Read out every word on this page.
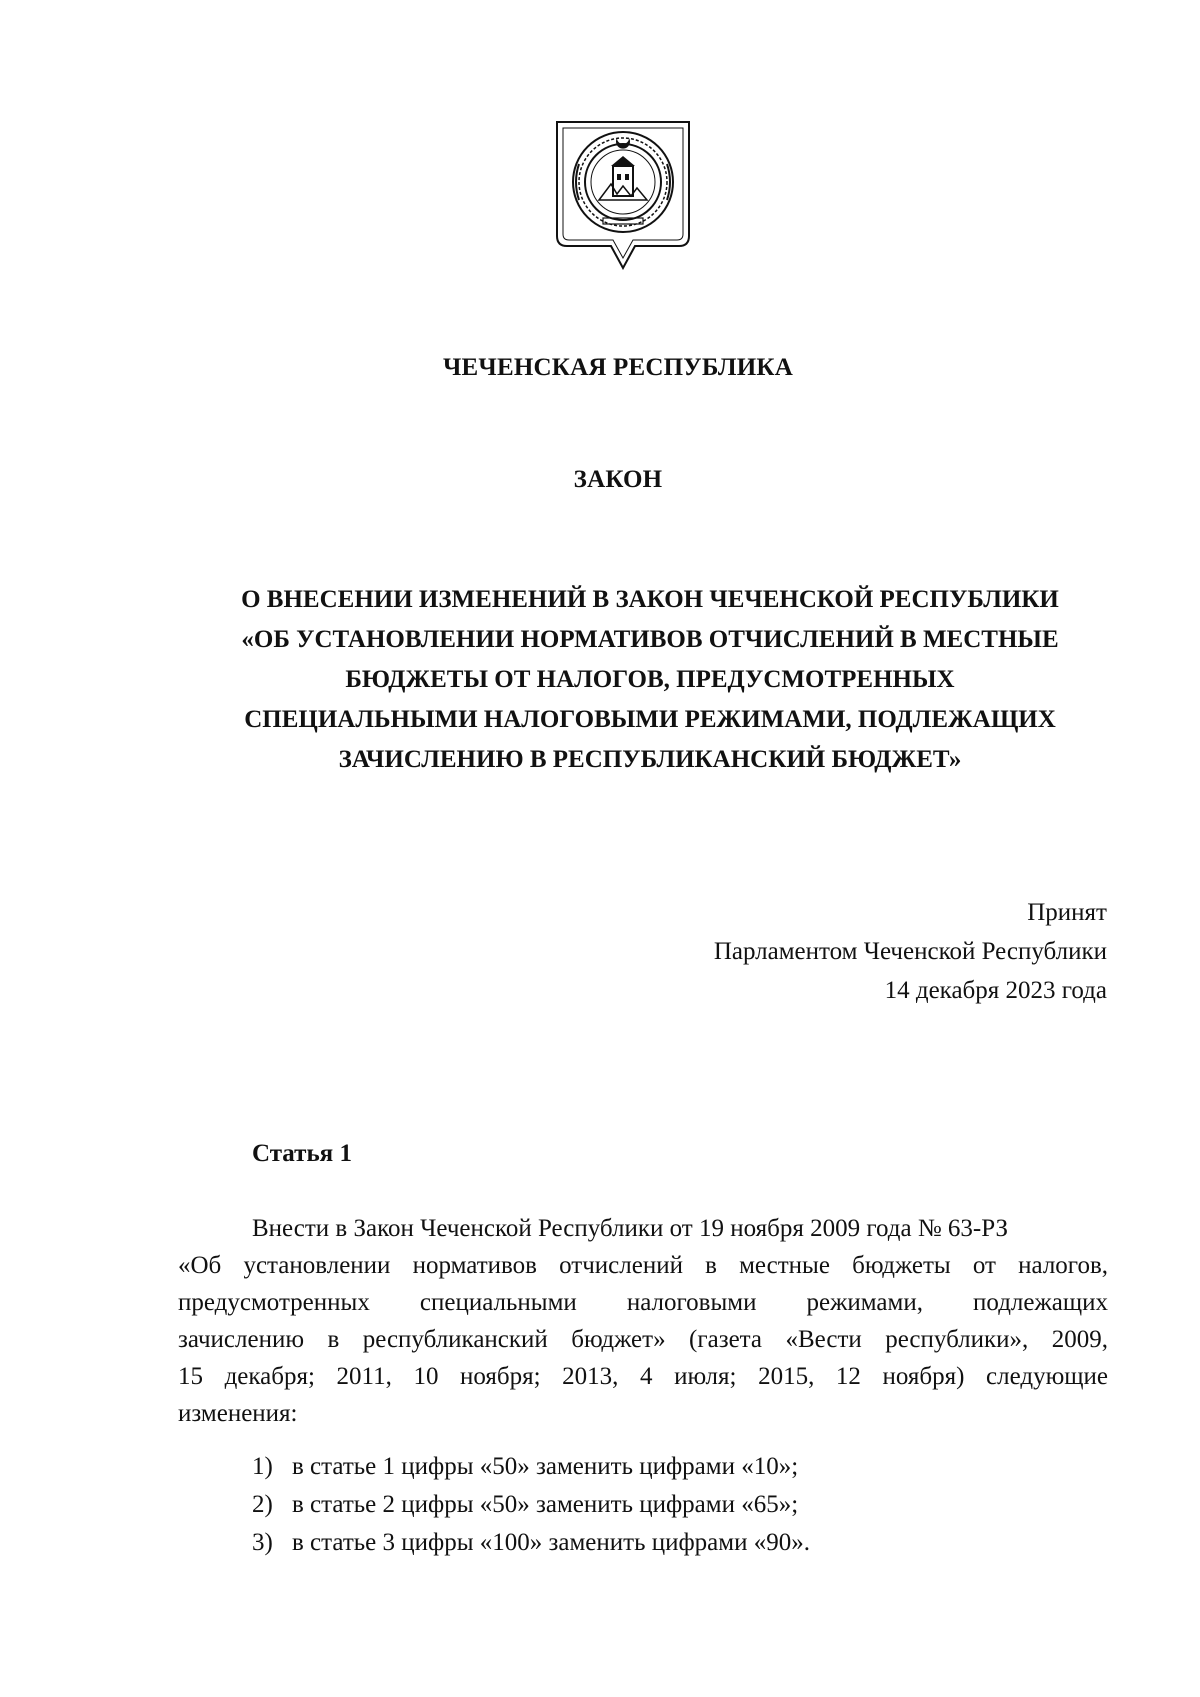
ЧЕЧЕНСКАЯ РЕСПУБЛИКА
ЗАКОН
О ВНЕСЕНИИ ИЗМЕНЕНИЙ В ЗАКОН ЧЕЧЕНСКОЙ РЕСПУБЛИКИ
«ОБ УСТАНОВЛЕНИИ НОРМАТИВОВ ОТЧИСЛЕНИЙ В МЕСТНЫЕ
БЮДЖЕТЫ ОТ НАЛОГОВ, ПРЕДУСМОТРЕННЫХ
СПЕЦИАЛЬНЫМИ НАЛОГОВЫМИ РЕЖИМАМИ, ПОДЛЕЖАЩИХ
ЗАЧИСЛЕНИЮ В РЕСПУБЛИКАНСКИЙ БЮДЖЕТ»
Принят
Парламентом Чеченской Республики
14 декабря 2023 года
Статья 1
Внести в Закон Чеченской Республики от 19 ноября 2009 года № 63-РЗ
«Об установлении нормативов отчислений в местные бюджеты от налогов,
предусмотренных специальными налоговыми режимами, подлежащих
зачислению в республиканский бюджет» (газета «Вести республики», 2009,
15 декабря; 2011, 10 ноября; 2013, 4 июля; 2015, 12 ноября) следующие
изменения:
1) в статье 1 цифры «50» заменить цифрами «10»;
2) в статье 2 цифры «50» заменить цифрами «65»;
3) в статье 3 цифры «100» заменить цифрами «90».
